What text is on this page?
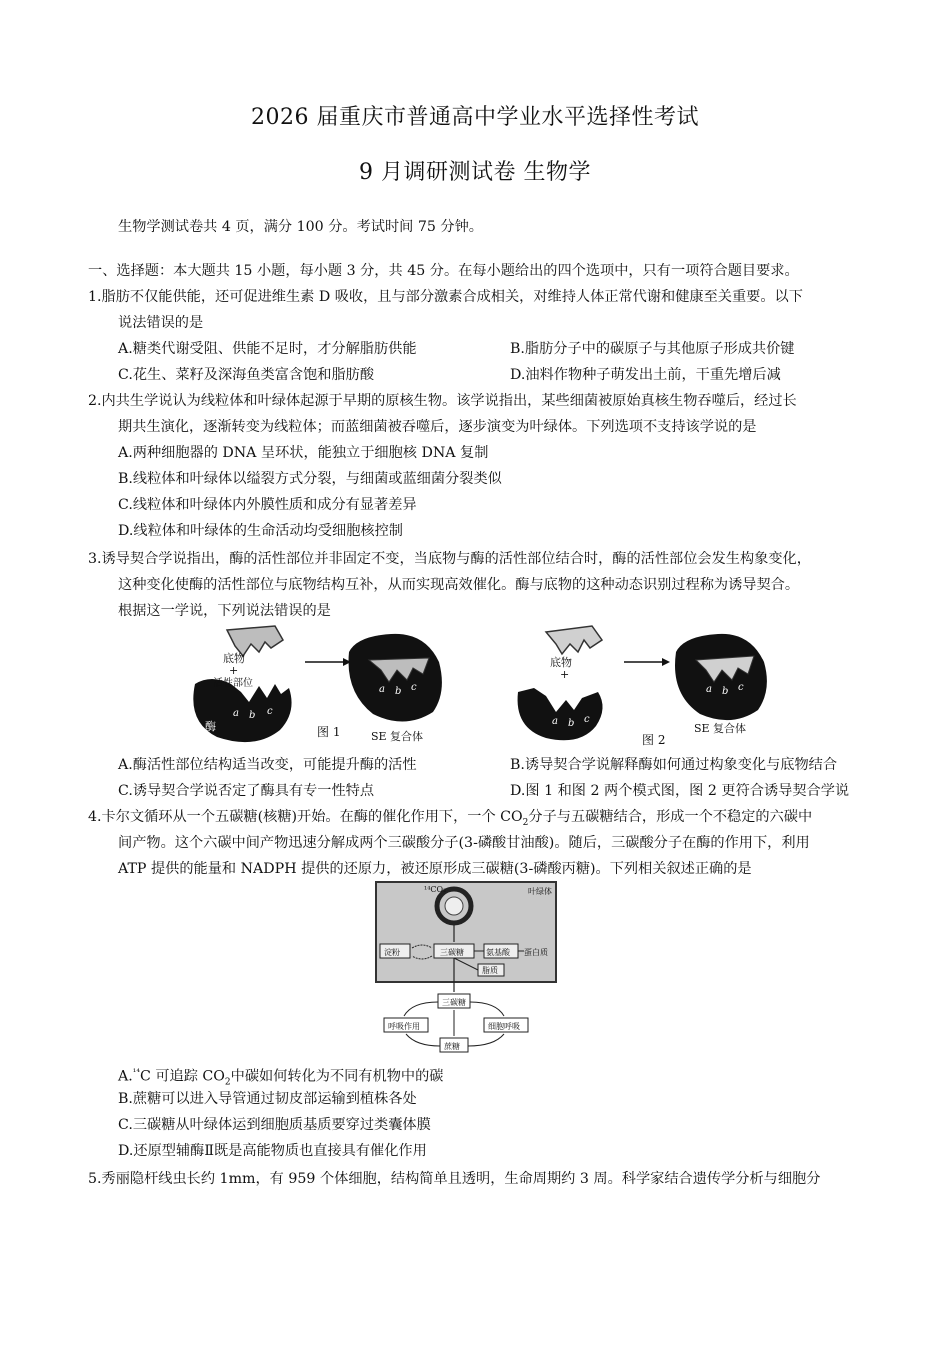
2026 届重庆市普通高中学业水平选择性考试
9 月调研测试卷 生物学
生物学测试卷共 4 页，满分 100 分。考试时间 75 分钟。
一、选择题：本大题共 15 小题，每小题 3 分，共 45 分。在每小题给出的四个选项中，只有一项符合题目要求。
1.脂肪不仅能供能，还可促进维生素 D 吸收，且与部分激素合成相关，对维持人体正常代谢和健康至关重要。以下
说法错误的是
A.糖类代谢受阻、供能不足时，才分解脂肪供能	B.脂肪分子中的碳原子与其他原子形成共价键
C.花生、菜籽及深海鱼类富含饱和脂肪酸	D.油料作物种子萌发出土前，干重先增后减
2.内共生学说认为线粒体和叶绿体起源于早期的原核生物。该学说指出，某些细菌被原始真核生物吞噬后，经过长
期共生演化，逐渐转变为线粒体；而蓝细菌被吞噬后，逐步演变为叶绿体。下列选项不支持该学说的是
A.两种细胞器的 DNA 呈环状，能独立于细胞核 DNA 复制
B.线粒体和叶绿体以缢裂方式分裂，与细菌或蓝细菌分裂类似
C.线粒体和叶绿体内外膜性质和成分有显著差异
D.线粒体和叶绿体的生命活动均受细胞核控制
3.诱导契合学说指出，酶的活性部位并非固定不变，当底物与酶的活性部位结合时，酶的活性部位会发生构象变化，
这种变化使酶的活性部位与底物结构互补，从而实现高效催化。酶与底物的这种动态识别过程称为诱导契合。
根据这一学说，下列说法错误的是
底物
+
活性部位
酶
a b c
a b c
SE 复合体
图 1
底物
+
a b c
a b c
SE 复合体
图 2
A.酶活性部位结构适当改变，可能提升酶的活性	B.诱导契合学说解释酶如何通过构象变化与底物结合
C.诱导契合学说否定了酶具有专一性特点	D.图 1 和图 2 两个模式图，图 2 更符合诱导契合学说
4.卡尔文循环从一个五碳糖(核糖)开始。在酶的催化作用下，一个 $CO_2$分子与五碳糖结合，形成一个不稳定的六碳中
间产物。这个六碳中间产物迅速分解成两个三碳酸分子(3-磷酸甘油酸)。随后，三碳酸分子在酶的作用下，利用
ATP 提供的能量和 NADPH 提供的还原力，被还原形成三碳糖(3-磷酸丙糖)。下列相关叙述正确的是
叶绿体
¹⁴CO₂
淀粉	三碳糖	氨基酸 蛋白质
脂质
三碳糖
呼吸作用	细胞呼吸
蔗糖
A.$^{^{14}}$C 可追踪 $CO_2$中碳如何转化为不同有机物中的碳
B.蔗糖可以进入导管通过韧皮部运输到植株各处
C.三碳糖从叶绿体运到细胞质基质要穿过类囊体膜
D.还原型辅酶Ⅱ既是高能物质也直接具有催化作用
5.秀丽隐杆线虫长约 1mm，有 959 个体细胞，结构简单且透明，生命周期约 3 周。科学家结合遗传学分析与细胞分
